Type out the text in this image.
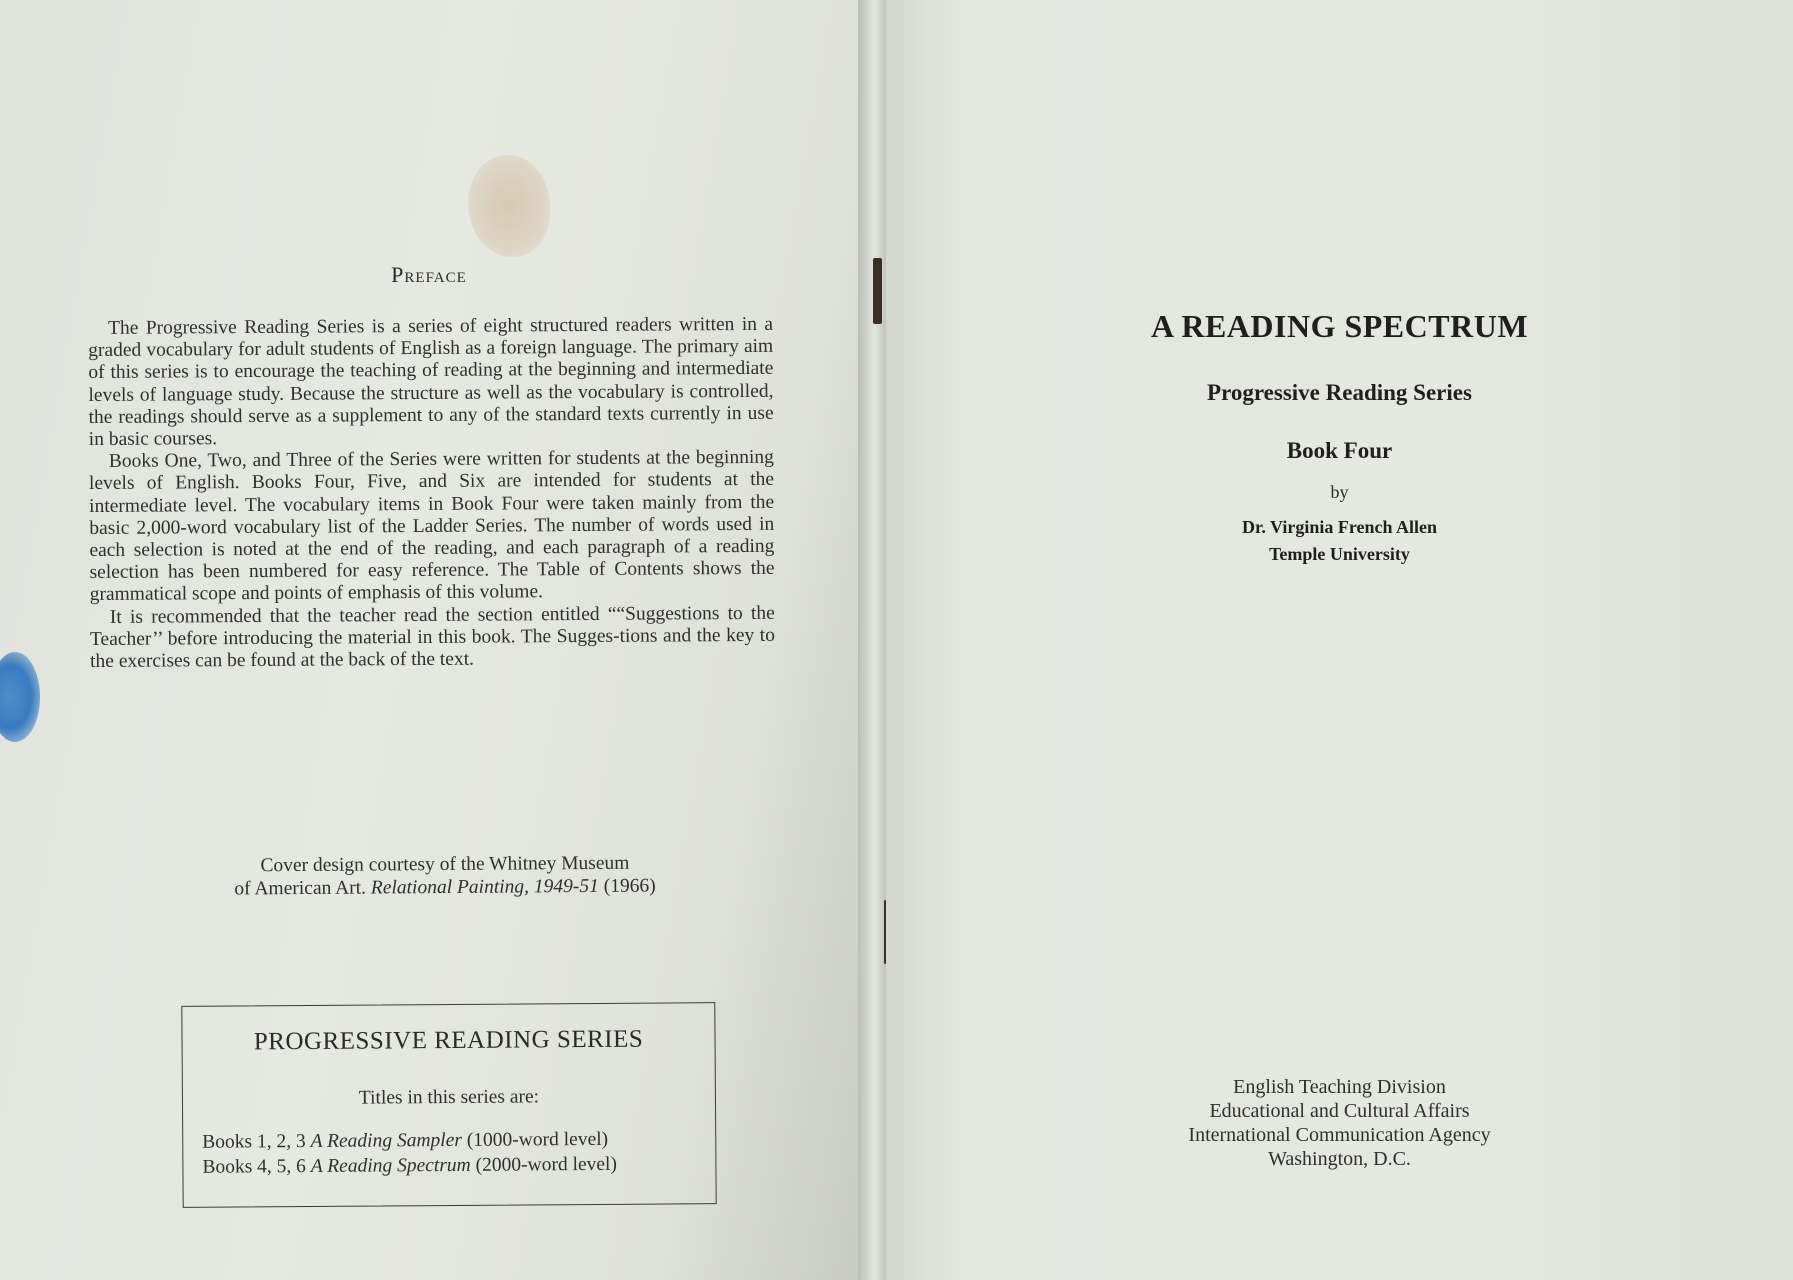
Preface

The Progressive Reading Series is a series of eight structured readers written in a graded vocabulary for adult students of English as a foreign language. The primary aim of this series is to encourage the teaching of reading at the beginning and intermediate levels of language study. Because the structure as well as the vocabulary is controlled, the readings should serve as a supplement to any of the standard texts currently in use in basic courses.

Books One, Two, and Three of the Series were written for students at the beginning levels of English. Books Four, Five, and Six are intended for students at the intermediate level. The vocabulary items in Book Four were taken mainly from the basic 2,000-word vocabulary list of the Ladder Series. The number of words used in each selection is noted at the end of the reading, and each paragraph of a reading selection has been numbered for easy reference. The Table of Contents shows the grammatical scope and points of emphasis of this volume.

It is recommended that the teacher read the section entitled ““Suggestions to the Teacher’’ before introducing the material in this book. The Sugges-tions and the key to the exercises can be found at the back of the text.

Cover design courtesy of the Whitney Museum
of American Art. Relational Painting, 1949-51 (1966)
PROGRESSIVE READING SERIES
Titles in this series are:
Books 1, 2, 3 A Reading Sampler (1000-word level)
Books 4, 5, 6 A Reading Spectrum (2000-word level)
A READING SPECTRUM
Progressive Reading Series
Book Four
by
Dr. Virginia French Allen
Temple University
English Teaching Division
Educational and Cultural Affairs
International Communication Agency
Washington, D.C.
